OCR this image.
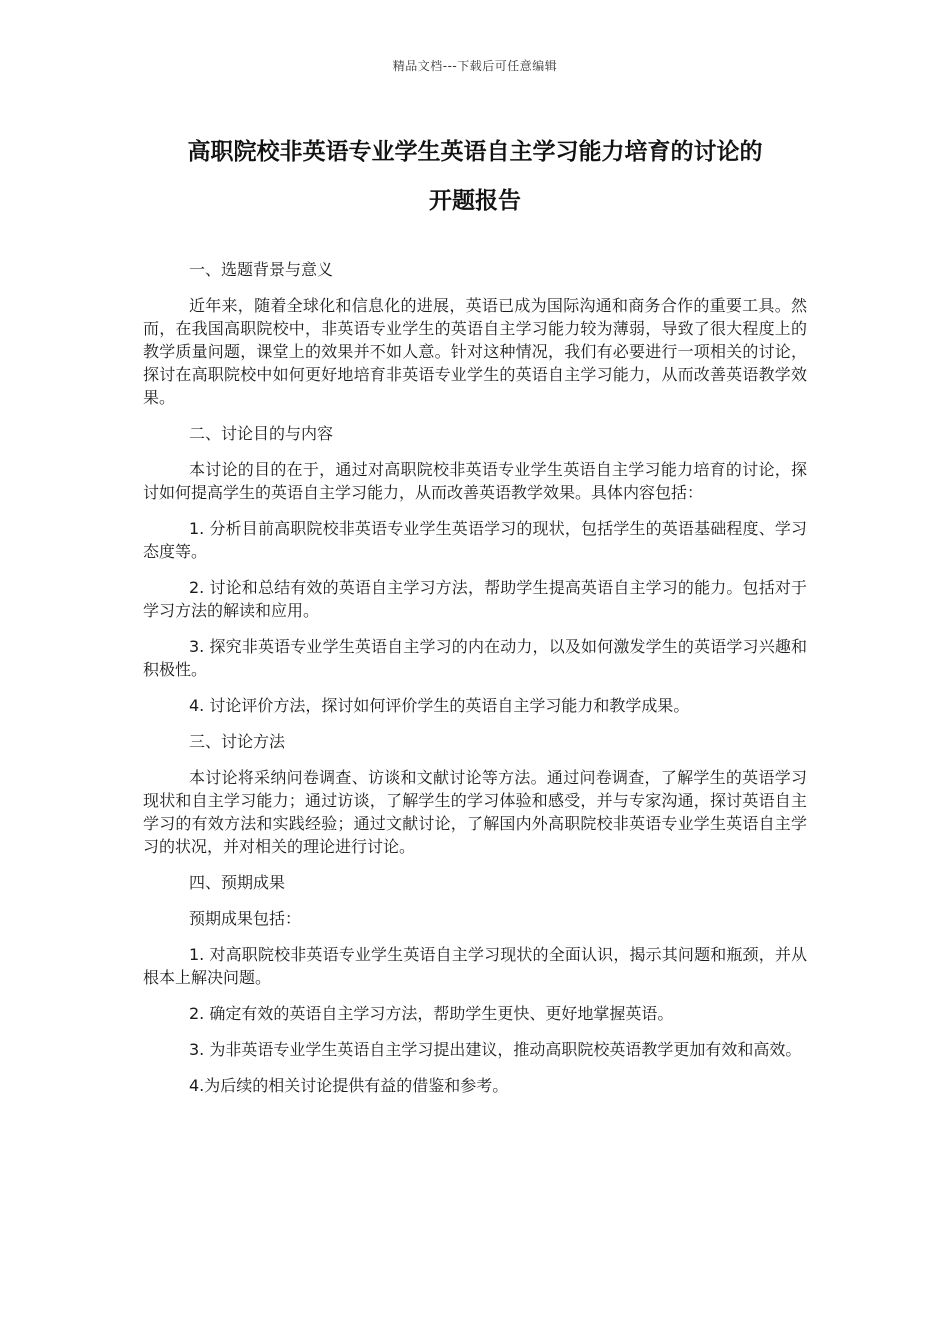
精品文档---下载后可任意编辑
高职院校非英语专业学生英语自主学习能力培育的讨论的
开题报告

一、选题背景与意义

近年来，随着全球化和信息化的进展，英语已成为国际沟通和商务合作的重要工具。然而，在我国高职院校中，非英语专业学生的英语自主学习能力较为薄弱，导致了很大程度上的教学质量问题，课堂上的效果并不如人意。针对这种情况，我们有必要进行一项相关的讨论，探讨在高职院校中如何更好地培育非英语专业学生的英语自主学习能力，从而改善英语教学效果。

二、讨论目的与内容

本讨论的目的在于，通过对高职院校非英语专业学生英语自主学习能力培育的讨论，探讨如何提高学生的英语自主学习能力，从而改善英语教学效果。具体内容包括：

1. 分析目前高职院校非英语专业学生英语学习的现状，包括学生的英语基础程度、学习态度等。

2. 讨论和总结有效的英语自主学习方法，帮助学生提高英语自主学习的能力。包括对于学习方法的解读和应用。

3. 探究非英语专业学生英语自主学习的内在动力，以及如何激发学生的英语学习兴趣和积极性。

4. 讨论评价方法，探讨如何评价学生的英语自主学习能力和教学成果。

三、讨论方法

本讨论将采纳问卷调查、访谈和文献讨论等方法。通过问卷调查，了解学生的英语学习现状和自主学习能力；通过访谈，了解学生的学习体验和感受，并与专家沟通，探讨英语自主学习的有效方法和实践经验；通过文献讨论，了解国内外高职院校非英语专业学生英语自主学习的状况，并对相关的理论进行讨论。

四、预期成果

预期成果包括：

1. 对高职院校非英语专业学生英语自主学习现状的全面认识，揭示其问题和瓶颈，并从根本上解决问题。

2. 确定有效的英语自主学习方法，帮助学生更快、更好地掌握英语。

3. 为非英语专业学生英语自主学习提出建议，推动高职院校英语教学更加有效和高效。

4.为后续的相关讨论提供有益的借鉴和参考。
